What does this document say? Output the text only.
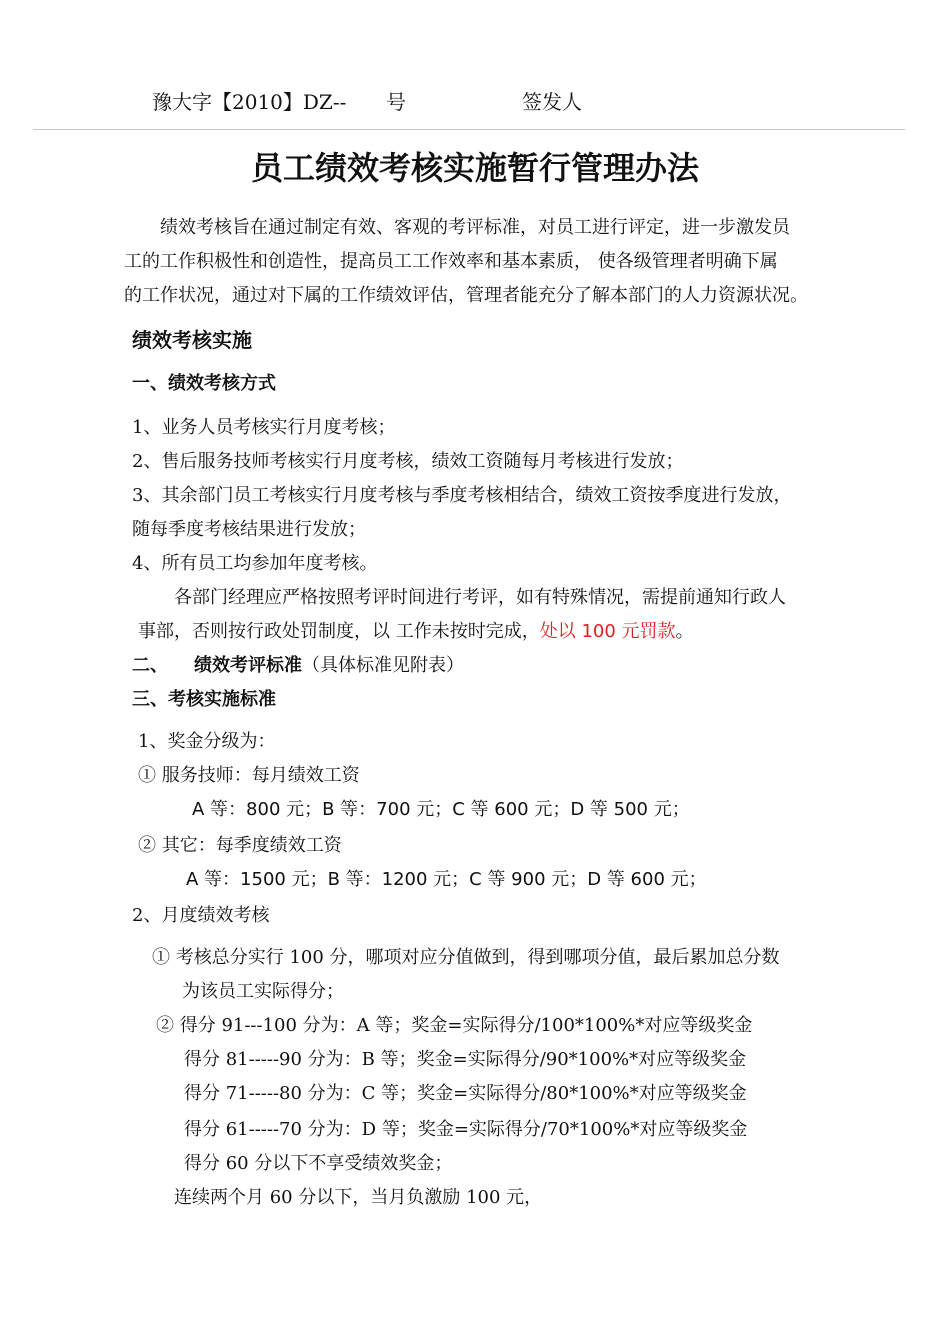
豫大字【2010】DZ-- 号	签发人
员工绩效考核实施暂行管理办法
绩效考核旨在通过制定有效、客观的考评标准，对员工进行评定，进一步激发员
工的工作积极性和创造性，提高员工工作效率和基本素质， 使各级管理者明确下属
的工作状况，通过对下属的工作绩效评估，管理者能充分了解本部门的人力资源状况。
绩效考核实施
一、绩效考核方式
1、业务人员考核实行月度考核；
2、售后服务技师考核实行月度考核，绩效工资随每月考核进行发放；
3、其余部门员工考核实行月度考核与季度考核相结合，绩效工资按季度进行发放，
随每季度考核结果进行发放；
4、所有员工均参加年度考核。
各部门经理应严格按照考评时间进行考评，如有特殊情况，需提前通知行政人
事部，否则按行政处罚制度，以 工作未按时完成，处以 100 元罚款。
二、 绩效考评标准（具体标准见附表）
三、考核实施标准
1、奖金分级为：
① 服务技师：每月绩效工资
A 等：800 元；B 等：700 元；C 等 600 元；D 等 500 元；
② 其它：每季度绩效工资
A 等：1500 元；B 等：1200 元；C 等 900 元；D 等 600 元；
2、月度绩效考核
① 考核总分实行 100 分，哪项对应分值做到，得到哪项分值，最后累加总分数
为该员工实际得分；
② 得分 91---100 分为：A 等；奖金=实际得分/100*100%*对应等级奖金
得分 81-----90 分为：B 等；奖金=实际得分/90*100%*对应等级奖金
得分 71-----80 分为：C 等；奖金=实际得分/80*100%*对应等级奖金
得分 61-----70 分为：D 等；奖金=实际得分/70*100%*对应等级奖金
得分 60 分以下不享受绩效奖金；
连续两个月 60 分以下，当月负激励 100 元，
